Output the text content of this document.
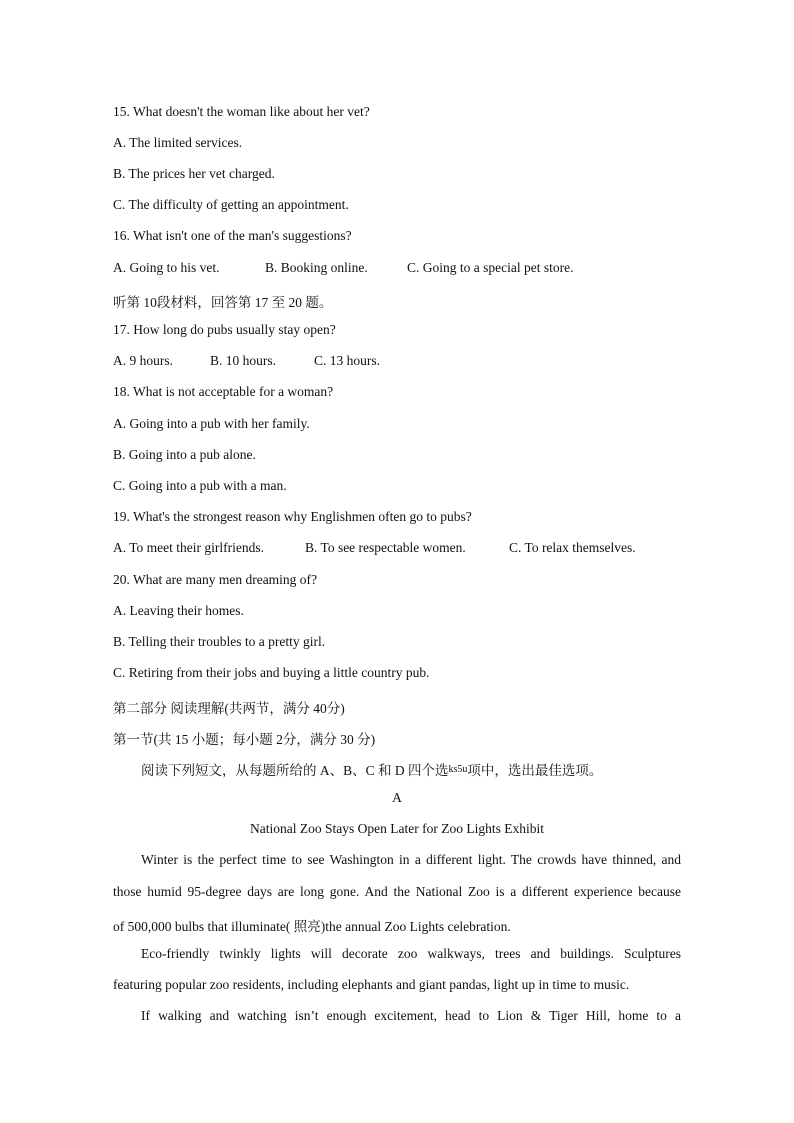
15. What doesn't the woman like about her vet?
A. The limited services.
B. The prices her vet charged.
C. The difficulty of getting an appointment.
16. What isn't one of the man's suggestions?
A. Going to his vet.	B. Booking online.	C. Going to a special pet store.
听第 10段材料，回答第 17 至 20 题。
17. How long do pubs usually stay open?
A. 9 hours.	B. 10 hours.	C. 13 hours.
18. What is not acceptable for a woman?
A. Going into a pub with her family.
B. Going into a pub alone.
C. Going into a pub with a man.
19. What's the strongest reason why Englishmen often go to pubs?
A. To meet their girlfriends.	B. To see respectable women.	C. To relax themselves.
20. What are many men dreaming of?
A. Leaving their homes.
B. Telling their troubles to a pretty girl.
C. Retiring from their jobs and buying a little country pub.
第二部分 阅读理解(共两节，满分 40分)
第一节(共 15 小题；每小题 2分，满分 30 分)
阅读下列短文，从每题所给的 A、B、C 和 D 四个选$^{ks5u}$项中，选出最佳选项。
A
National Zoo Stays Open Later for Zoo Lights Exhibit
Winter is the perfect time to see Washington in a different light. The crowds have thinned, and
those humid 95-degree days are long gone. And the National Zoo is a different experience because
of 500,000 bulbs that illuminate( 照亮)the annual Zoo Lights celebration.
Eco-friendly twinkly lights will decorate zoo walkways, trees and buildings. Sculptures
featuring popular zoo residents, including elephants and giant pandas, light up in time to music.
If walking and watching isn’t enough excitement, head to Lion & Tiger Hill, home to a
